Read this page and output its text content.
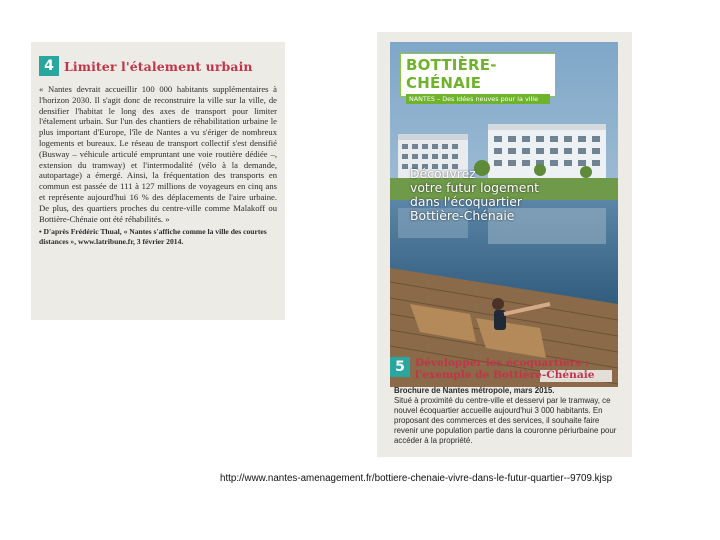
4 Limiter l'étalement urbain

« Nantes devrait accueillir 100 000 habitants supplémentaires à l'horizon 2030. Il s'agit donc de reconstruire la ville sur la ville, de densifier l'habitat le long des axes de transport pour limiter l'étalement urbain. Sur l'un des chantiers de réhabilitation urbaine le plus important d'Europe, l'île de Nantes a vu s'ériger de nombreux logements et bureaux. Le réseau de transport collectif s'est densifié (Busway – véhicule articulé empruntant une voie routière dédiée –, extension du tramway) et l'intermodalité (vélo à la demande, autopartage) a émergé. Ainsi, la fréquentation des transports en commun est passée de 111 à 127 millions de voyageurs en cinq ans et représente aujourd'hui 16 % des déplacements de l'aire urbaine. De plus, des quartiers proches du centre-ville comme Malakoff ou Bottière-Chénaie ont été réhabilités. »

• D'après Frédéric Thual, « Nantes s'affiche comme la ville des courtes distances », www.latribune.fr, 3 février 2014.

BOTTIÈRE-CHÉNAIE
NANTES – Des idées neuves pour la ville
Découvrez
votre futur logement
dans l'écoquartier
Bottière-Chénaie
5 Développer les écoquartiers :
l'exemple de Bottière-Chénaie
Brochure de Nantes métropole, mars 2015.
Situé à proximité du centre-ville et desservi par le tramway, ce nouvel écoquartier accueille aujourd'hui 3 000 habitants. En proposant des commerces et des services, il souhaite faire revenir une population partie dans la couronne périurbaine pour accéder à la propriété.
http://www.nantes-amenagement.fr/bottiere-chenaie-vivre-dans-le-futur-quartier--9709.kjsp
